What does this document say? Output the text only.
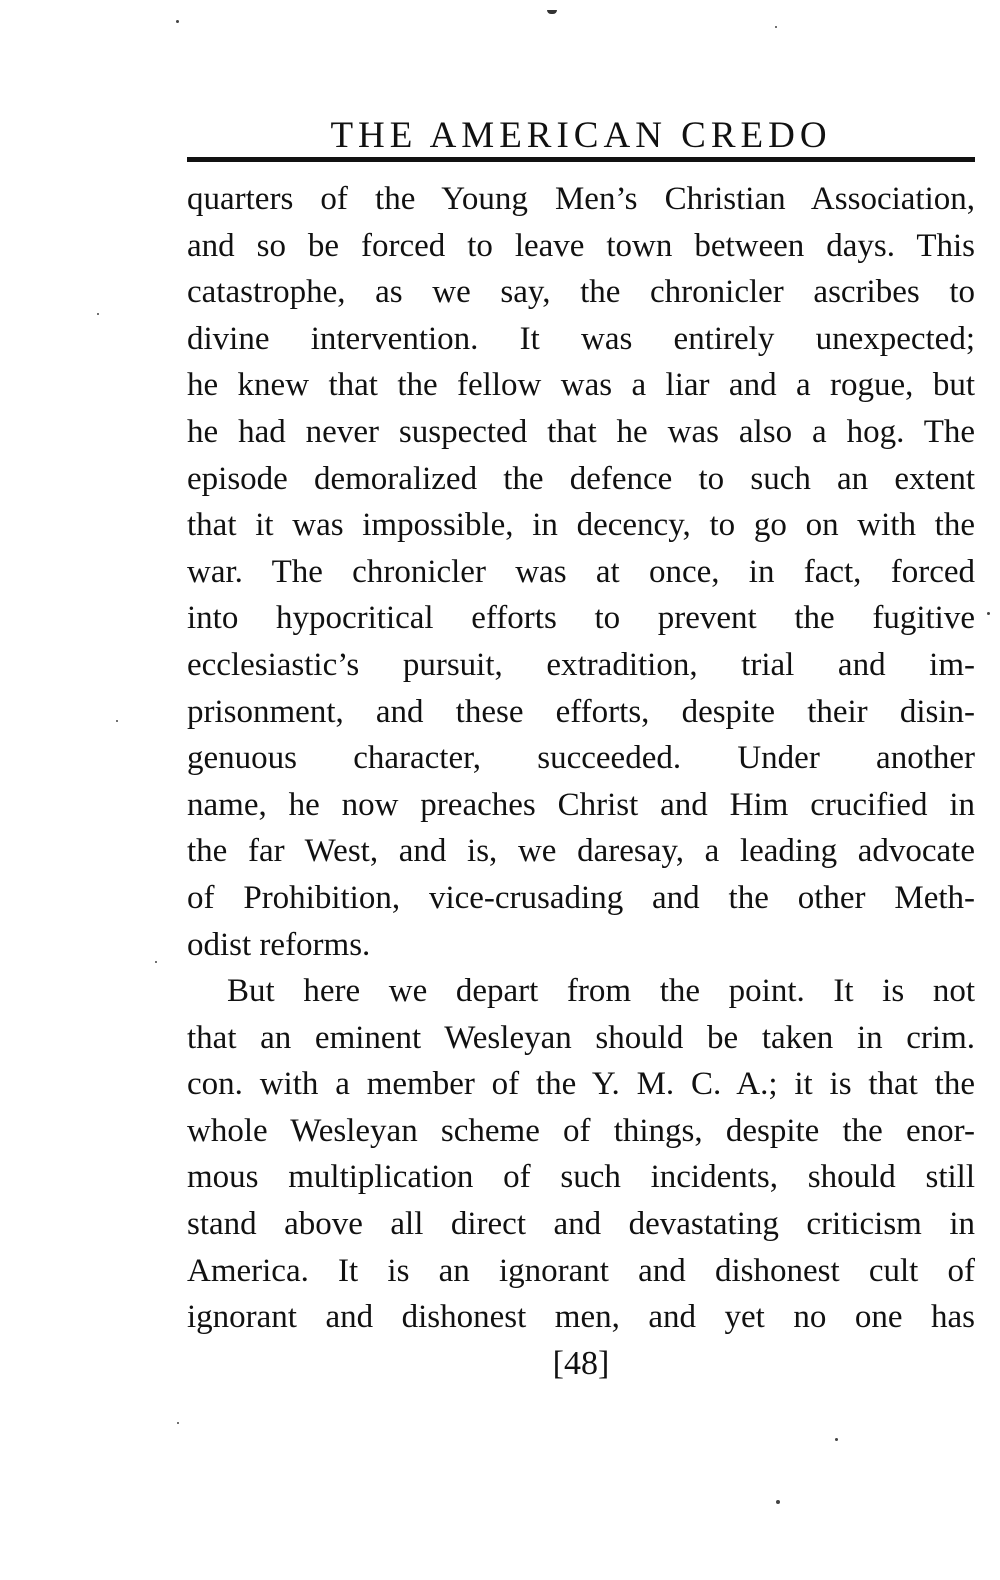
THE AMERICAN CREDO
quarters of the Young Men’s Christian Association,
and so be forced to leave town between days. This
catastrophe, as we say, the chronicler ascribes to
divine intervention. It was entirely unexpected;
he knew that the fellow was a liar and a rogue, but
he had never suspected that he was also a hog. The
episode demoralized the defence to such an extent
that it was impossible, in decency, to go on with the
war. The chronicler was at once, in fact, forced
into hypocritical efforts to prevent the fugitive
ecclesiastic’s pursuit, extradition, trial and im-
prisonment, and these efforts, despite their disin-
genuous character, succeeded. Under another
name, he now preaches Christ and Him crucified in
the far West, and is, we daresay, a leading advocate
of Prohibition, vice-crusading and the other Meth-
odist reforms.
But here we depart from the point. It is not
that an eminent Wesleyan should be taken in crim.
con. with a member of the Y. M. C. A.; it is that the
whole Wesleyan scheme of things, despite the enor-
mous multiplication of such incidents, should still
stand above all direct and devastating criticism in
America. It is an ignorant and dishonest cult of
ignorant and dishonest men, and yet no one has
[48]
